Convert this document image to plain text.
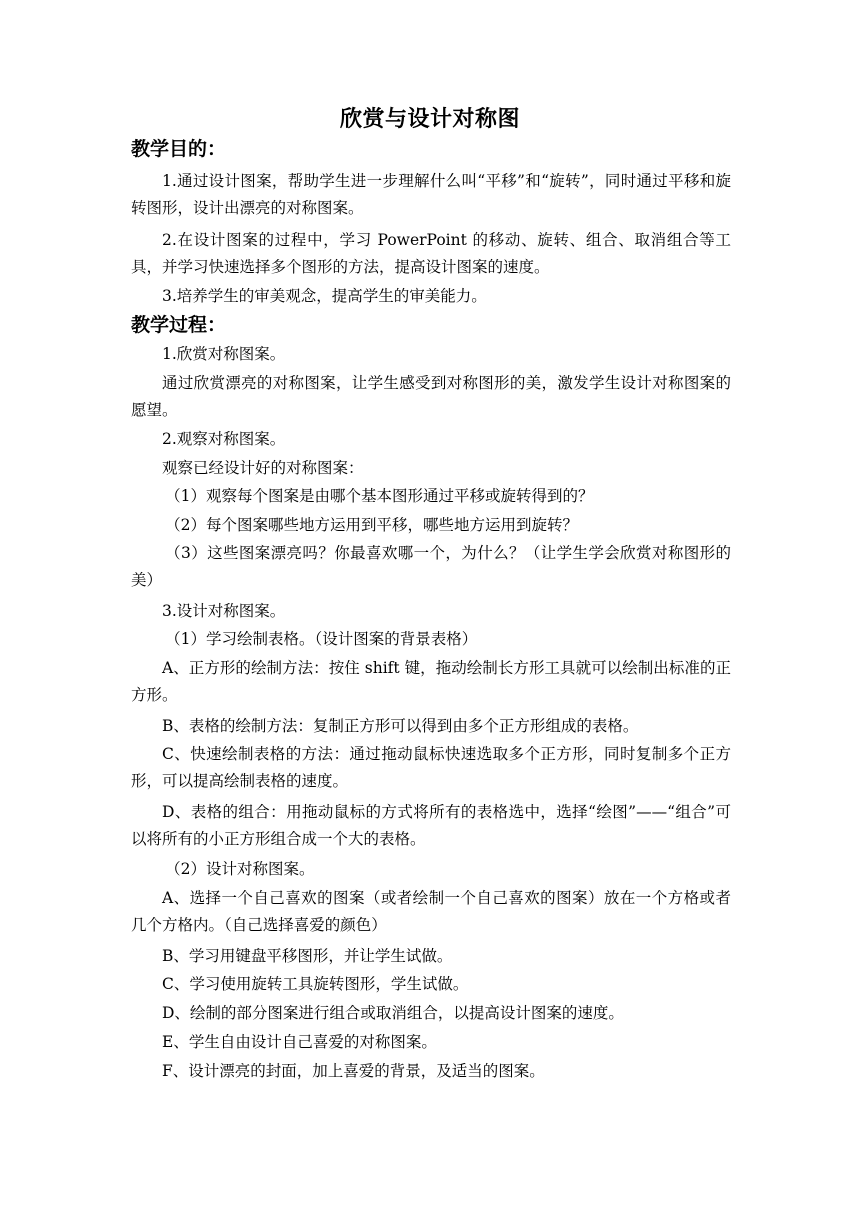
欣赏与设计对称图
教学目的：

1.通过设计图案，帮助学生进一步理解什么叫“平移”和“旋转”，同时通过平移和旋转图形，设计出漂亮的对称图案。

2.在设计图案的过程中，学习 PowerPoint 的移动、旋转、组合、取消组合等工具，并学习快速选择多个图形的方法，提高设计图案的速度。

3.培养学生的审美观念，提高学生的审美能力。

教学过程：

1.欣赏对称图案。

通过欣赏漂亮的对称图案，让学生感受到对称图形的美，激发学生设计对称图案的愿望。

2.观察对称图案。

观察已经设计好的对称图案：

（1）观察每个图案是由哪个基本图形通过平移或旋转得到的？

（2）每个图案哪些地方运用到平移，哪些地方运用到旋转？

（3）这些图案漂亮吗？你最喜欢哪一个，为什么？（让学生学会欣赏对称图形的美）

3.设计对称图案。

（1）学习绘制表格。（设计图案的背景表格）

A、正方形的绘制方法：按住 shift 键，拖动绘制长方形工具就可以绘制出标准的正方形。

B、表格的绘制方法：复制正方形可以得到由多个正方形组成的表格。

C、快速绘制表格的方法：通过拖动鼠标快速选取多个正方形，同时复制多个正方形，可以提高绘制表格的速度。

D、表格的组合：用拖动鼠标的方式将所有的表格选中，选择“绘图”——“组合”可以将所有的小正方形组合成一个大的表格。

（2）设计对称图案。

A、选择一个自己喜欢的图案（或者绘制一个自己喜欢的图案）放在一个方格或者几个方格内。（自己选择喜爱的颜色）

B、学习用键盘平移图形，并让学生试做。

C、学习使用旋转工具旋转图形，学生试做。

D、绘制的部分图案进行组合或取消组合，以提高设计图案的速度。

E、学生自由设计自己喜爱的对称图案。

F、设计漂亮的封面，加上喜爱的背景，及适当的图案。
